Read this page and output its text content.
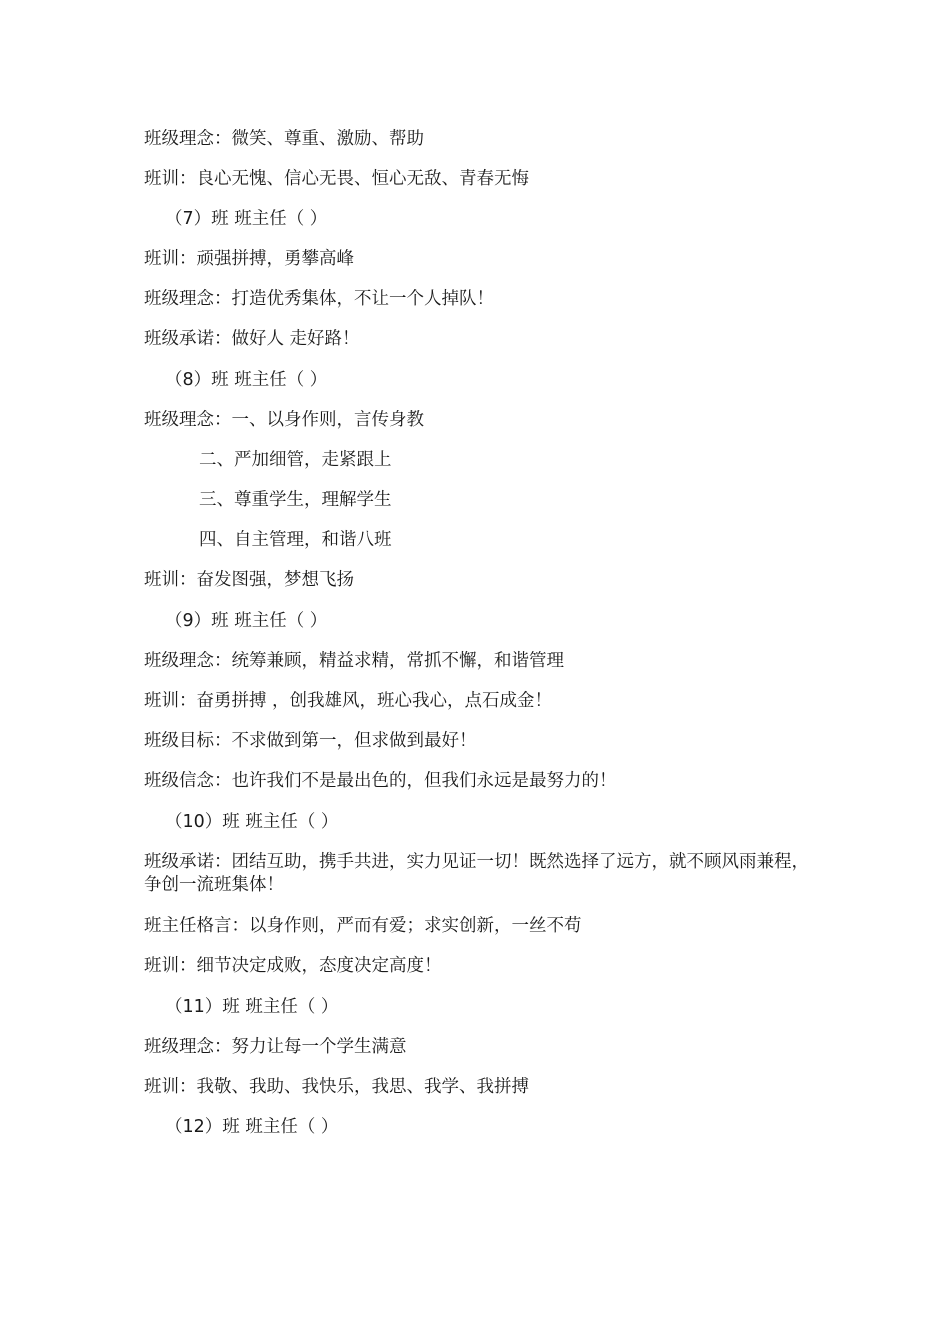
班级理念：微笑、尊重、激励、帮助
班训：良心无愧、信心无畏、恒心无敌、青春无悔
（7）班 班主任（ ）
班训：顽强拼搏，勇攀高峰
班级理念：打造优秀集体，不让一个人掉队！
班级承诺：做好人 走好路！
（8）班 班主任（ ）
班级理念：一、以身作则，言传身教
二、严加细管，走紧跟上
三、尊重学生，理解学生
四、自主管理，和谐八班
班训：奋发图强，梦想飞扬
（9）班 班主任（ ）
班级理念：统筹兼顾，精益求精，常抓不懈，和谐管理
班训：奋勇拼搏 ，创我雄风，班心我心，点石成金！
班级目标：不求做到第一，但求做到最好！
班级信念：也许我们不是最出色的，但我们永远是最努力的！
（10）班 班主任（ ）
班级承诺：团结互助，携手共进，实力见证一切！既然选择了远方，就不顾风雨兼程，争创一流班集体！
班主任格言：以身作则，严而有爱；求实创新，一丝不苟
班训：细节决定成败，态度决定高度！
（11）班 班主任（ ）
班级理念：努力让每一个学生满意
班训：我敬、我助、我快乐，我思、我学、我拼搏
（12）班 班主任（ ）
